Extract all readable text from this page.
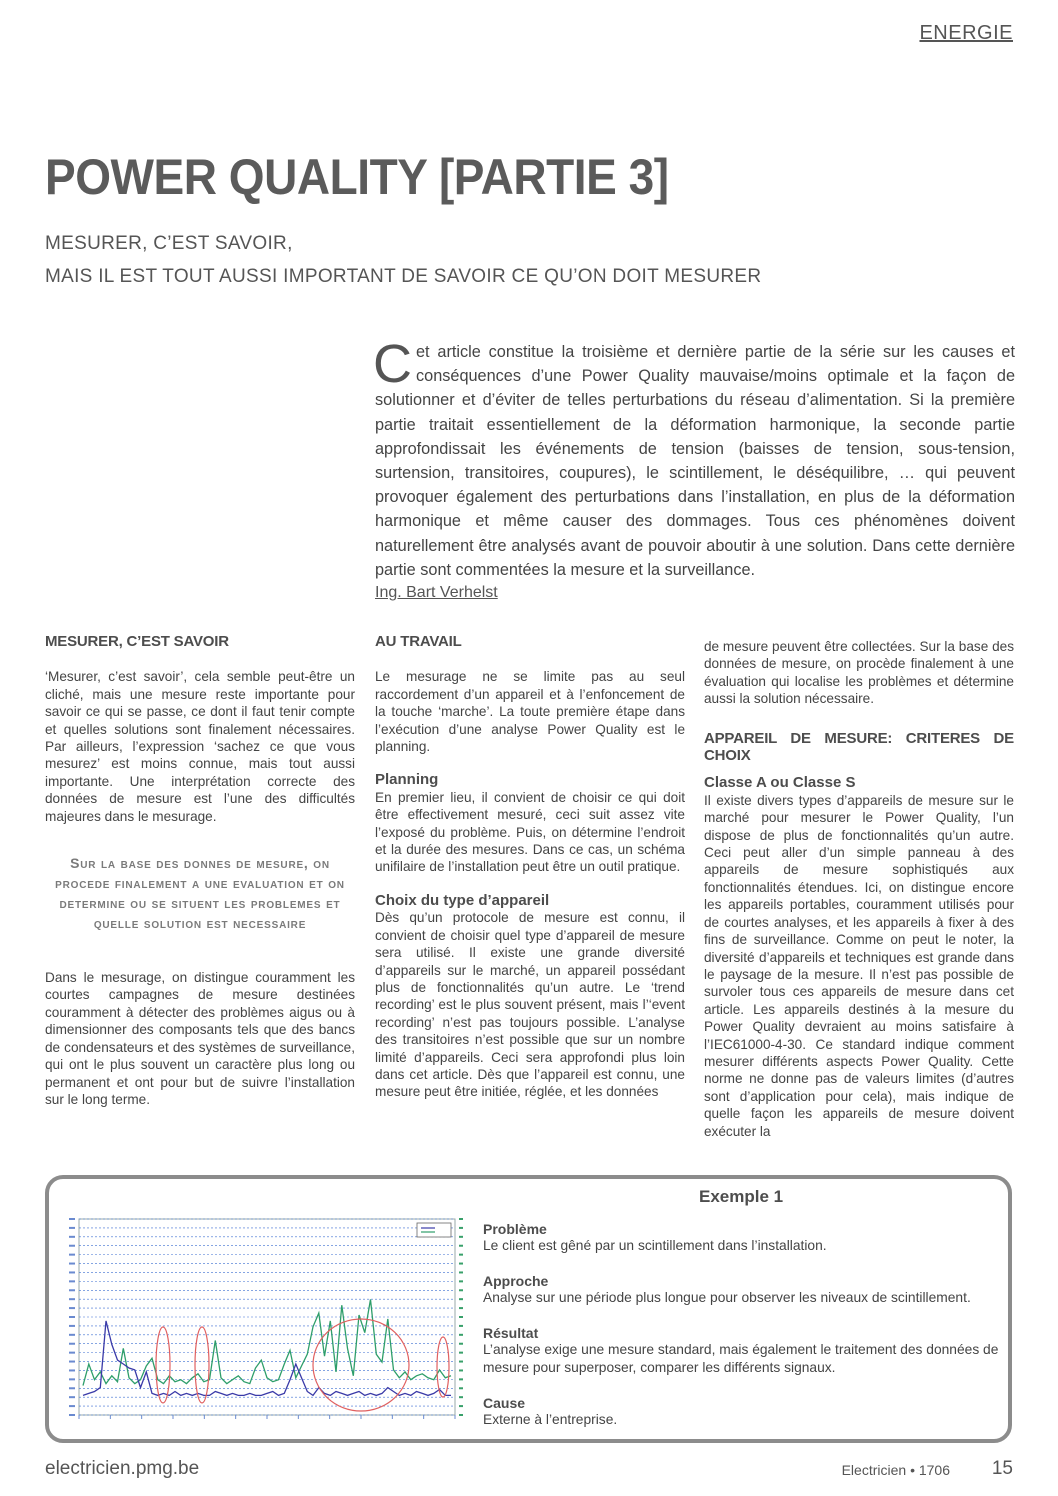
ENERGIE
POWER QUALITY [PARTIE 3]
MESURER, C’EST SAVOIR,
MAIS IL EST TOUT AUSSI IMPORTANT DE SAVOIR CE QU’ON DOIT MESURER

Cet article constitue la troisième et dernière partie de la série sur les causes et conséquences d’une Power Quality mauvaise/moins optimale et la façon de solutionner et d’éviter de telles perturbations du réseau d’alimentation. Si la première partie traitait essentiellement de la déformation harmonique, la seconde partie approfondissait les événements de tension (baisses de tension, sous-tension, surtension, transitoires, coupures), le scintillement, le déséquilibre, … qui peuvent provoquer également des perturbations dans l’installation, en plus de la déformation harmonique et même causer des dommages. Tous ces phénomènes doivent naturellement être analysés avant de pouvoir aboutir à une solution. Dans cette dernière partie sont commentées la mesure et la surveillance.

Ing. Bart Verhelst
MESURER, C’EST SAVOIR

‘Mesurer, c’est savoir’, cela semble peut-être un cliché, mais une mesure reste importante pour savoir ce qui se passe, ce dont il faut tenir compte et quelles solutions sont finalement nécessaires. Par ailleurs, l’expression ‘sachez ce que vous mesurez’ est moins connue, mais tout aussi importante. Une interprétation correcte des données de mesure est l’une des difficultés majeures dans le mesurage.

Sur la base des donnes de mesure, on procede finalement a une evaluation et on determine ou se situent les problemes et quelle solution est necessaire

Dans le mesurage, on distingue couramment les courtes campagnes de mesure destinées couramment à détecter des problèmes aigus ou à dimensionner des composants tels que des bancs de condensateurs et des systèmes de surveillance, qui ont le plus souvent un caractère plus long ou permanent et ont pour but de suivre l’installation sur le long terme.

AU TRAVAIL

Le mesurage ne se limite pas au seul raccordement d’un appareil et à l’enfoncement de la touche ‘marche’. La toute première étape dans l’exécution d’une analyse Power Quality est le planning.

Planning

En premier lieu, il convient de choisir ce qui doit être effectivement mesuré, ceci suit assez vite l’exposé du problème. Puis, on détermine l’endroit et la durée des mesures. Dans ce cas, un schéma unifilaire de l’installation peut être un outil pratique.

Choix du type d’appareil

Dès qu’un protocole de mesure est connu, il convient de choisir quel type d’appareil de mesure sera utilisé. Il existe une grande diversité d’appareils sur le marché, un appareil possédant plus de fonctionnalités qu’un autre. Le ‘trend recording’ est le plus souvent présent, mais l’‘event recording’ n’est pas toujours possible. L’analyse des transitoires n’est possible que sur un nombre limité d’appareils. Ceci sera approfondi plus loin dans cet article. Dès que l’appareil est connu, une mesure peut être initiée, réglée, et les données

de mesure peuvent être collectées. Sur la base des données de mesure, on procède finalement à une évaluation qui localise les problèmes et détermine aussi la solution nécessaire.

APPAREIL DE MESURE: CRITERES DE CHOIX
Classe A ou Classe S

Il existe divers types d’appareils de mesure sur le marché pour mesurer le Power Quality, l’un dispose de plus de fonctionnalités qu’un autre. Ceci peut aller d’un simple panneau à des appareils de mesure sophistiqués aux fonctionnalités étendues. Ici, on distingue encore les appareils portables, couramment utilisés pour de courtes analyses, et les appareils à fixer à des fins de surveillance. Comme on peut le noter, la diversité d’appareils et techniques est grande dans le paysage de la mesure. Il n’est pas possible de survoler tous ces appareils de mesure dans cet article. Les appareils destinés à la mesure du Power Quality devraient au moins satisfaire à l’IEC61000-4-30. Ce standard indique comment mesurer différents aspects Power Quality. Cette norme ne donne pas de valeurs limites (d’autres sont d’application pour cela), mais indique de quelle façon les appareils de mesure doivent exécuter la

Exemple 1
Problème

Le client est gêné par un scintillement dans l’installation.

Approche

Analyse sur une période plus longue pour observer les niveaux de scintillement.

Résultat

L’analyse exige une mesure standard, mais également le traitement des données de mesure pour superposer, comparer les différents signaux.

Cause

Externe à l’entreprise.

electricien.pmg.be	Electricien • 1706 15
